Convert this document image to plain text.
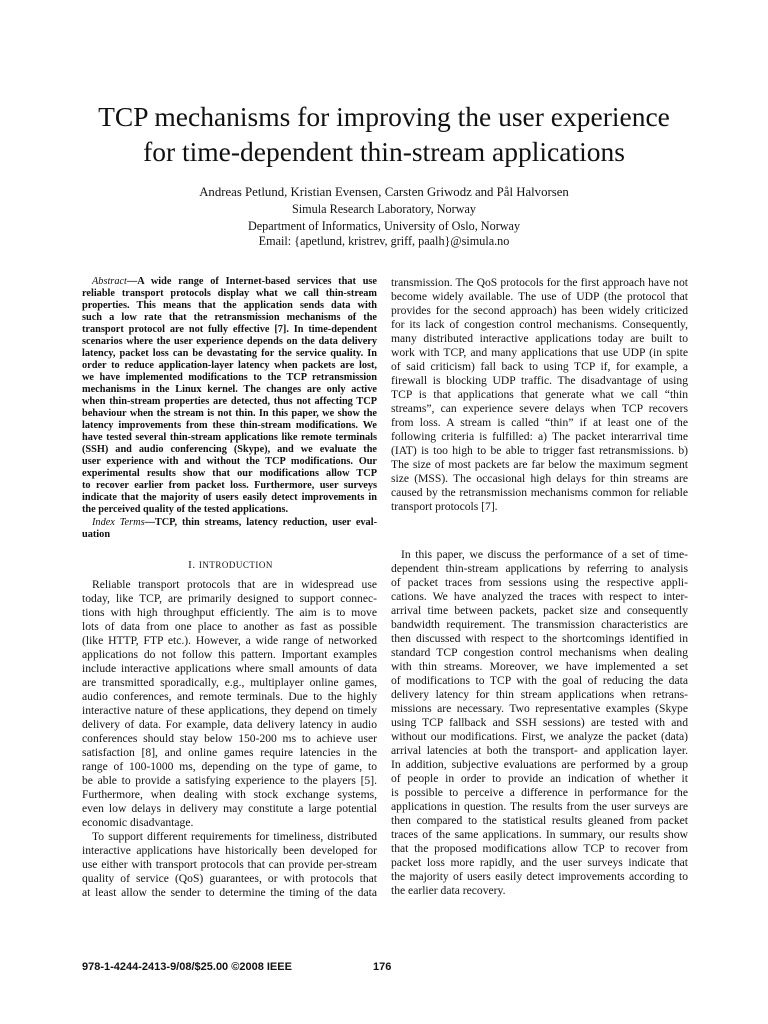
TCP mechanisms for improving the user experience
for time-dependent thin-stream applications
Andreas Petlund, Kristian Evensen, Carsten Griwodz and Pål Halvorsen
Simula Research Laboratory, Norway
Department of Informatics, University of Oslo, Norway
Email: {apetlund, kristrev, griff, paalh}@simula.no
Abstract—A wide range of Internet-based services that use
reliable transport protocols display what we call thin-stream
properties. This means that the application sends data with
such a low rate that the retransmission mechanisms of the
transport protocol are not fully effective [7]. In time-dependent
scenarios where the user experience depends on the data delivery
latency, packet loss can be devastating for the service quality. In
order to reduce application-layer latency when packets are lost,
we have implemented modifications to the TCP retransmission
mechanisms in the Linux kernel. The changes are only active
when thin-stream properties are detected, thus not affecting TCP
behaviour when the stream is not thin. In this paper, we show the
latency improvements from these thin-stream modifications. We
have tested several thin-stream applications like remote terminals
(SSH) and audio conferencing (Skype), and we evaluate the
user experience with and without the TCP modifications. Our
experimental results show that our modifications allow TCP
to recover earlier from packet loss. Furthermore, user surveys
indicate that the majority of users easily detect improvements in
the perceived quality of the tested applications.
Index Terms—TCP, thin streams, latency reduction, user eval-
uation
I. INTRODUCTION
Reliable transport protocols that are in widespread use
today, like TCP, are primarily designed to support connec-
tions with high throughput efficiently. The aim is to move
lots of data from one place to another as fast as possible
(like HTTP, FTP etc.). However, a wide range of networked
applications do not follow this pattern. Important examples
include interactive applications where small amounts of data
are transmitted sporadically, e.g., multiplayer online games,
audio conferences, and remote terminals. Due to the highly
interactive nature of these applications, they depend on timely
delivery of data. For example, data delivery latency in audio
conferences should stay below 150-200 ms to achieve user
satisfaction [8], and online games require latencies in the
range of 100-1000 ms, depending on the type of game, to
be able to provide a satisfying experience to the players [5].
Furthermore, when dealing with stock exchange systems,
even low delays in delivery may constitute a large potential
economic disadvantage.
To support different requirements for timeliness, distributed
interactive applications have historically been developed for
use either with transport protocols that can provide per-stream
quality of service (QoS) guarantees, or with protocols that
at least allow the sender to determine the timing of the data
transmission. The QoS protocols for the first approach have not
become widely available. The use of UDP (the protocol that
provides for the second approach) has been widely criticized
for its lack of congestion control mechanisms. Consequently,
many distributed interactive applications today are built to
work with TCP, and many applications that use UDP (in spite
of said criticism) fall back to using TCP if, for example, a
firewall is blocking UDP traffic. The disadvantage of using
TCP is that applications that generate what we call “thin
streams”, can experience severe delays when TCP recovers
from loss. A stream is called “thin” if at least one of the
following criteria is fulfilled: a) The packet interarrival time
(IAT) is too high to be able to trigger fast retransmissions. b)
The size of most packets are far below the maximum segment
size (MSS). The occasional high delays for thin streams are
caused by the retransmission mechanisms common for reliable
transport protocols [7].
In this paper, we discuss the performance of a set of time-
dependent thin-stream applications by referring to analysis
of packet traces from sessions using the respective appli-
cations. We have analyzed the traces with respect to inter-
arrival time between packets, packet size and consequently
bandwidth requirement. The transmission characteristics are
then discussed with respect to the shortcomings identified in
standard TCP congestion control mechanisms when dealing
with thin streams. Moreover, we have implemented a set
of modifications to TCP with the goal of reducing the data
delivery latency for thin stream applications when retrans-
missions are necessary. Two representative examples (Skype
using TCP fallback and SSH sessions) are tested with and
without our modifications. First, we analyze the packet (data)
arrival latencies at both the transport- and application layer.
In addition, subjective evaluations are performed by a group
of people in order to provide an indication of whether it
is possible to perceive a difference in performance for the
applications in question. The results from the user surveys are
then compared to the statistical results gleaned from packet
traces of the same applications. In summary, our results show
that the proposed modifications allow TCP to recover from
packet loss more rapidly, and the user surveys indicate that
the majority of users easily detect improvements according to
the earlier data recovery.
978-1-4244-2413-9/08/$25.00 ©2008 IEEE	176
